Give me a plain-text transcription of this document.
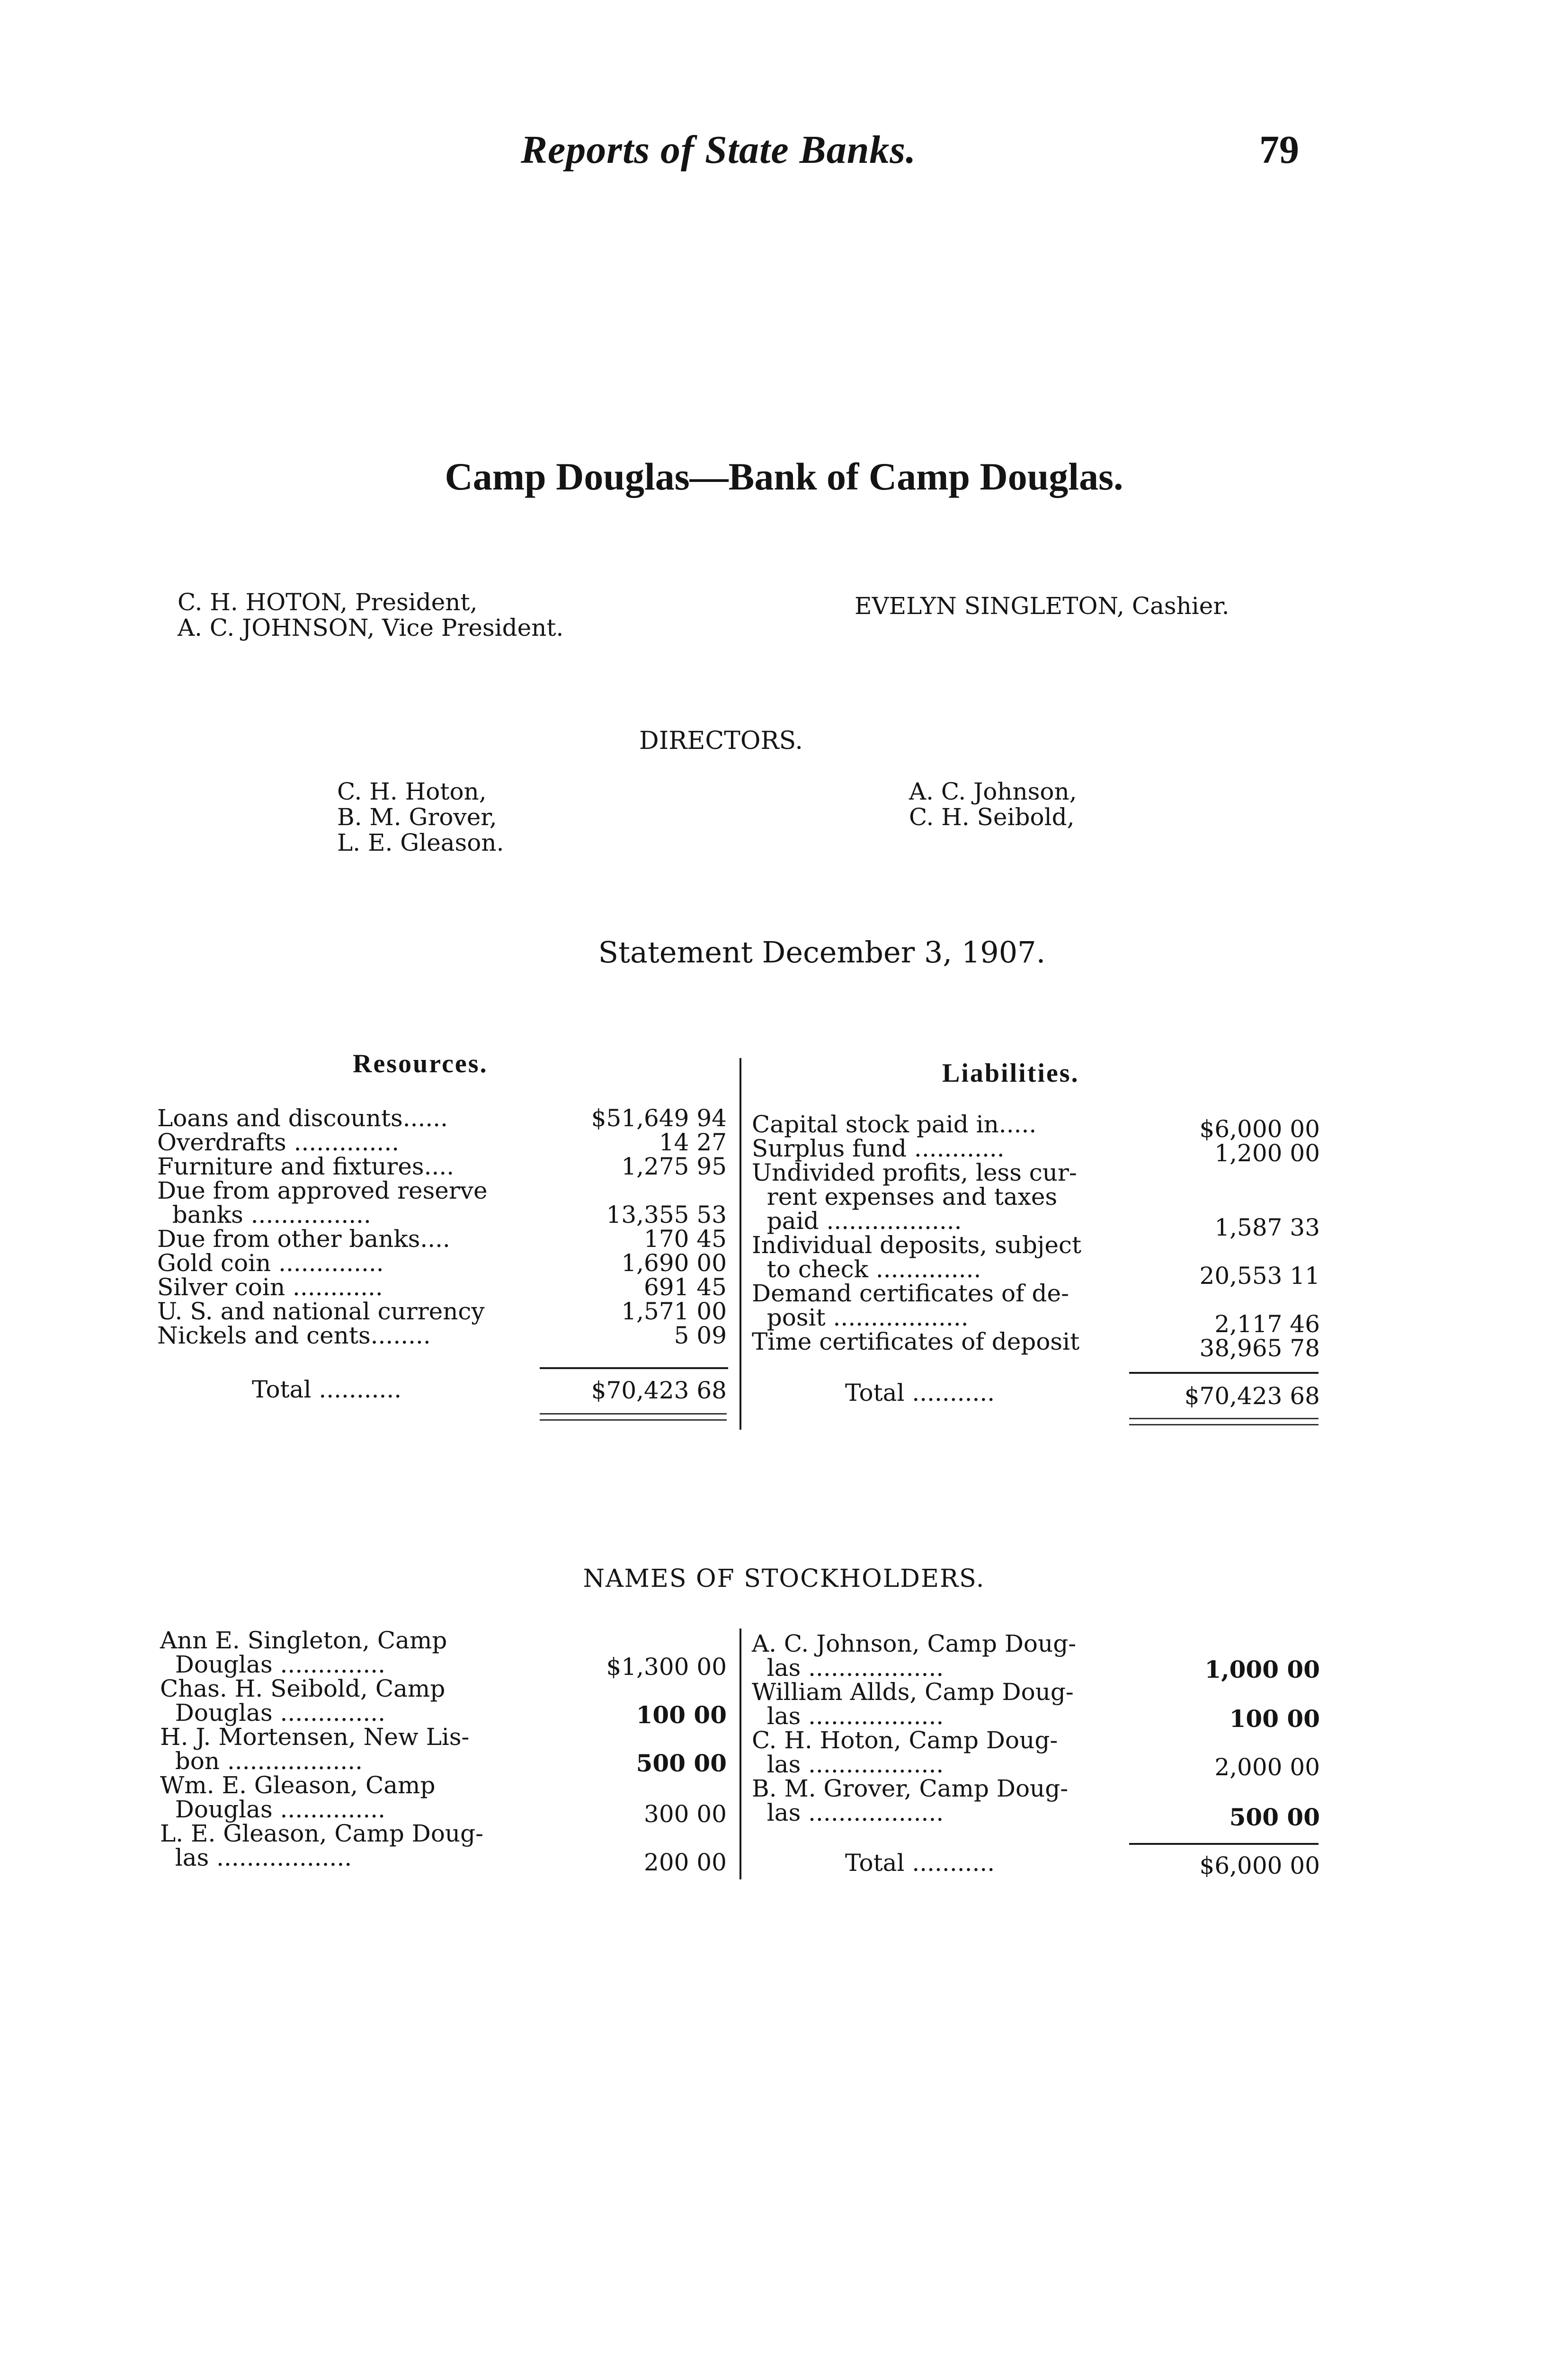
Reports of State Banks.	79
Camp Douglas—Bank of Camp Douglas.
C. H. HOTON, President,
A. C. JOHNSON, Vice President.
EVELYN SINGLETON, Cashier.
DIRECTORS.
C. H. Hoton,
B. M. Grover,
L. E. Gleason.
A. C. Johnson,
C. H. Seibold,
Statement December 3, 1907.
Resources.	Liabilities.
Loans and discounts......	$51,649 94
Overdrafts ..............	14 27
Furniture and fixtures....	1,275 95
Due from approved reserve
banks ................	13,355 53
Due from other banks....	170 45
Gold coin ..............	1,690 00
Silver coin ............	691 45
U. S. and national currency	1,571 00
Nickels and cents........	5 09
Total ...........	$70,423 68
Capital stock paid in.....	$6,000 00
Surplus fund ............	1,200 00
Undivided profits, less cur-
rent expenses and taxes
paid ..................	1,587 33
Individual deposits, subject
to check ..............	20,553 11
Demand certificates of de-
posit ..................	2,117 46
Time certificates of deposit	38,965 78
Total ...........	$70,423 68
NAMES OF STOCKHOLDERS.
Ann E. Singleton, Camp
Douglas ..............	$1,300 00
Chas. H. Seibold, Camp
Douglas ..............	100 00
H. J. Mortensen, New Lis-
bon ..................	500 00
Wm. E. Gleason, Camp
Douglas ..............	300 00
L. E. Gleason, Camp Doug-
las ..................	200 00
A. C. Johnson, Camp Doug-
las ..................	1,000 00
William Allds, Camp Doug-
las ..................	100 00
C. H. Hoton, Camp Doug-
las ..................	2,000 00
B. M. Grover, Camp Doug-
las ..................	500 00
Total ...........	$6,000 00
